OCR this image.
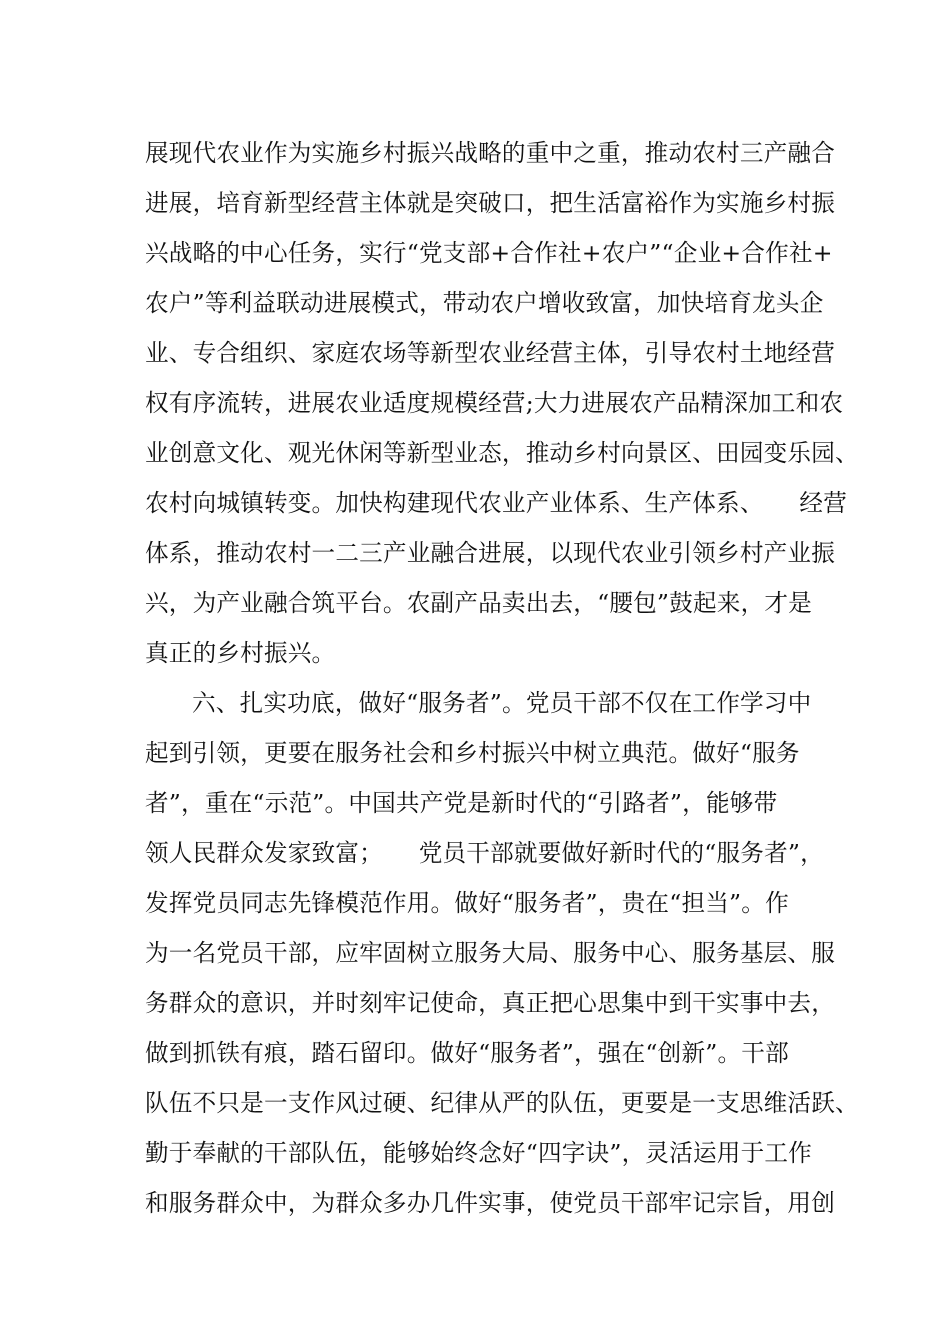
展现代农业作为实施乡村振兴战略的重中之重，推动农村三产融合
进展，培育新型经营主体就是突破口，把生活富裕作为实施乡村振
兴战略的中心任务，实行“党支部+合作社+农户”“企业+合作社+
农户”等利益联动进展模式，带动农户增收致富，加快培育龙头企
业、专合组织、家庭农场等新型农业经营主体，引导农村土地经营
权有序流转，进展农业适度规模经营;大力进展农产品精深加工和农
业创意文化、观光休闲等新型业态，推动乡村向景区、田园变乐园、
农村向城镇转变。加快构建现代农业产业体系、生产体系、　　经营
体系，推动农村一二三产业融合进展，以现代农业引领乡村产业振
兴，为产业融合筑平台。农副产品卖出去，“腰包”鼓起来，才是
真正的乡村振兴。
六、扎实功底，做好“服务者”。党员干部不仅在工作学习中
起到引领，更要在服务社会和乡村振兴中树立典范。做好“服务
者”，重在“示范”。中国共产党是新时代的“引路者”，能够带
领人民群众发家致富；　　党员干部就要做好新时代的“服务者”，
发挥党员同志先锋模范作用。做好“服务者”，贵在“担当”。作
为一名党员干部，应牢固树立服务大局、服务中心、服务基层、服
务群众的意识，并时刻牢记使命，真正把心思集中到干实事中去，
做到抓铁有痕，踏石留印。做好“服务者”，强在“创新”。干部
队伍不只是一支作风过硬、纪律从严的队伍，更要是一支思维活跃、
勤于奉献的干部队伍，能够始终念好“四字诀”，灵活运用于工作
和服务群众中，为群众多办几件实事，使党员干部牢记宗旨，用创
